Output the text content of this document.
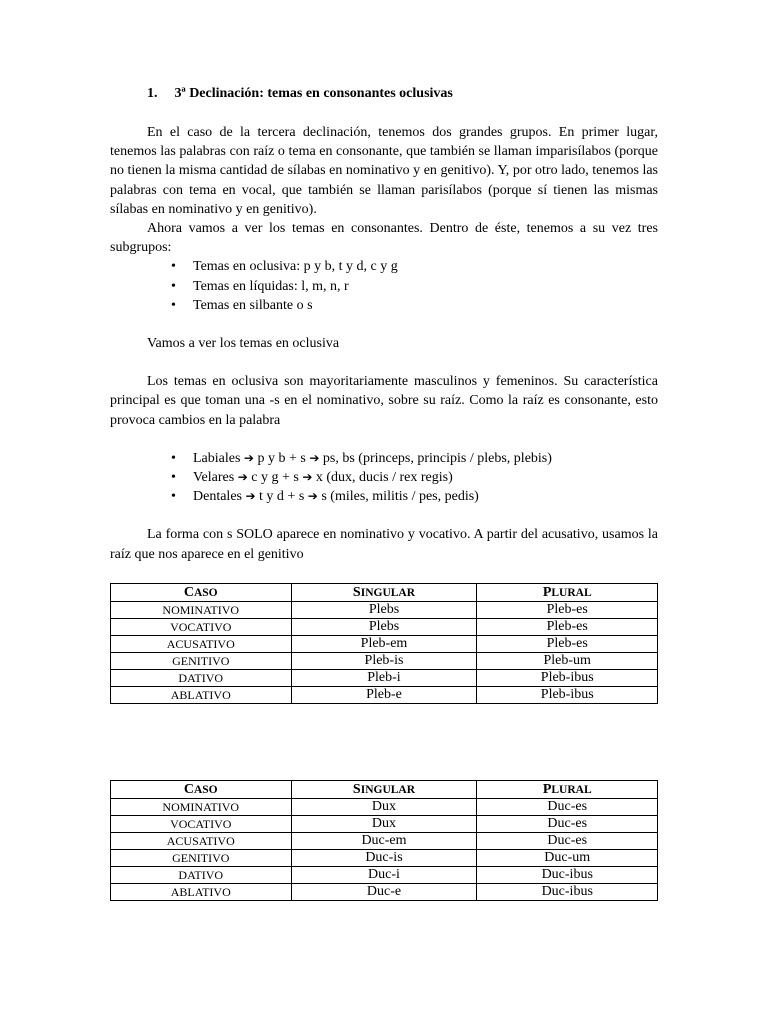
1. 3ª Declinación: temas en consonantes oclusivas

En el caso de la tercera declinación, tenemos dos grandes grupos. En primer lugar, tenemos las palabras con raíz o tema en consonante, que también se llaman imparisílabos (porque no tienen la misma cantidad de sílabas en nominativo y en genitivo). Y, por otro lado, tenemos las palabras con tema en vocal, que también se llaman parisílabos (porque sí tienen las mismas sílabas en nominativo y en genitivo).

Ahora vamos a ver los temas en consonantes. Dentro de éste, tenemos a su vez tres subgrupos:

• Temas en oclusiva: p y b, t y d, c y g
• Temas en líquidas: l, m, n, r
• Temas en silbante o s

Vamos a ver los temas en oclusiva

Los temas en oclusiva son mayoritariamente masculinos y femeninos. Su característica principal es que toman una -s en el nominativo, sobre su raíz. Como la raíz es consonante, esto provoca cambios en la palabra

• Labiales ➔ p y b + s ➔ ps, bs (princeps, principis / plebs, plebis)
• Velares ➔ c y g + s ➔ x (dux, ducis / rex regis)
• Dentales ➔ t y d + s ➔ s (miles, militis / pes, pedis)

La forma con s SOLO aparece en nominativo y vocativo. A partir del acusativo, usamos la raíz que nos aparece en el genitivo

CASO	SINGULAR	PLURAL
NOMINATIVO	Plebs	Pleb-es
VOCATIVO	Plebs	Pleb-es
ACUSATIVO	Pleb-em	Pleb-es
GENITIVO	Pleb-is	Pleb-um
DATIVO	Pleb-i	Pleb-ibus
ABLATIVO	Pleb-e	Pleb-ibus
CASO	SINGULAR	PLURAL
NOMINATIVO	Dux	Duc-es
VOCATIVO	Dux	Duc-es
ACUSATIVO	Duc-em	Duc-es
GENITIVO	Duc-is	Duc-um
DATIVO	Duc-i	Duc-ibus
ABLATIVO	Duc-e	Duc-ibus
